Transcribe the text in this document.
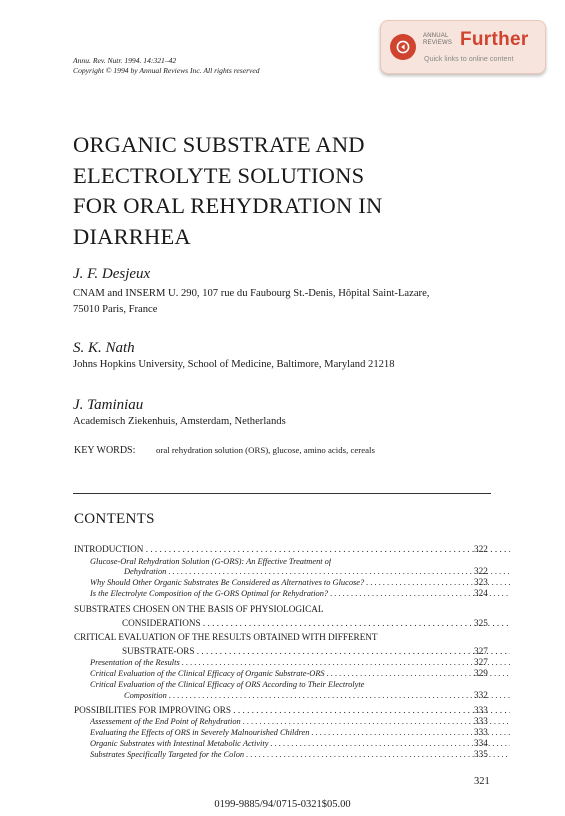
Annu. Rev. Nutr. 1994. 14:321–42
Copyright © 1994 by Annual Reviews Inc. All rights reserved
ANNUAL
REVIEWS Further
Quick links to online content
ORGANIC SUBSTRATE AND
ELECTROLYTE SOLUTIONS
FOR ORAL REHYDRATION IN
DIARRHEA
J. F. Desjeux
CNAM and INSERM U. 290, 107 rue du Faubourg St.-Denis, Hôpital Saint-Lazare,
75010 Paris, France
S. K. Nath
Johns Hopkins University, School of Medicine, Baltimore, Maryland 21218
J. Taminiau
Academisch Ziekenhuis, Amsterdam, Netherlands
KEY WORDS: oral rehydration solution (ORS), glucose, amino acids, cereals
CONTENTS
INTRODUCTION . . .	322
Glucose-Oral Rehydration Solution (G-ORS): An Effective Treatment of
Dehydration . . .	322
Why Should Other Organic Substrates Be Considered as Alternatives to Glucose? . . .	323
Is the Electrolyte Composition of the G-ORS Optimal for Rehydration? . . .	324
SUBSTRATES CHOSEN ON THE BASIS OF PHYSIOLOGICAL
CONSIDERATIONS . . .	325
CRITICAL EVALUATION OF THE RESULTS OBTAINED WITH DIFFERENT
SUBSTRATE-ORS . . .	327
Presentation of the Results . . .	327
Critical Evaluation of the Clinical Efficacy of Organic Substrate-ORS . . .	329
Critical Evaluation of the Clinical Efficacy of ORS According to Their Electrolyte
Composition . . .	332
POSSIBILITIES FOR IMPROVING ORS . . .	333
Assessement of the End Point of Rehydration . . .	333
Evaluating the Effects of ORS in Severely Malnourished Children . . .	333
Organic Substrates with Intestinal Metabolic Activity . . .	334
Substrates Specifically Targeted for the Colon . . .	335
321
0199-9885/94/0715-0321$05.00
